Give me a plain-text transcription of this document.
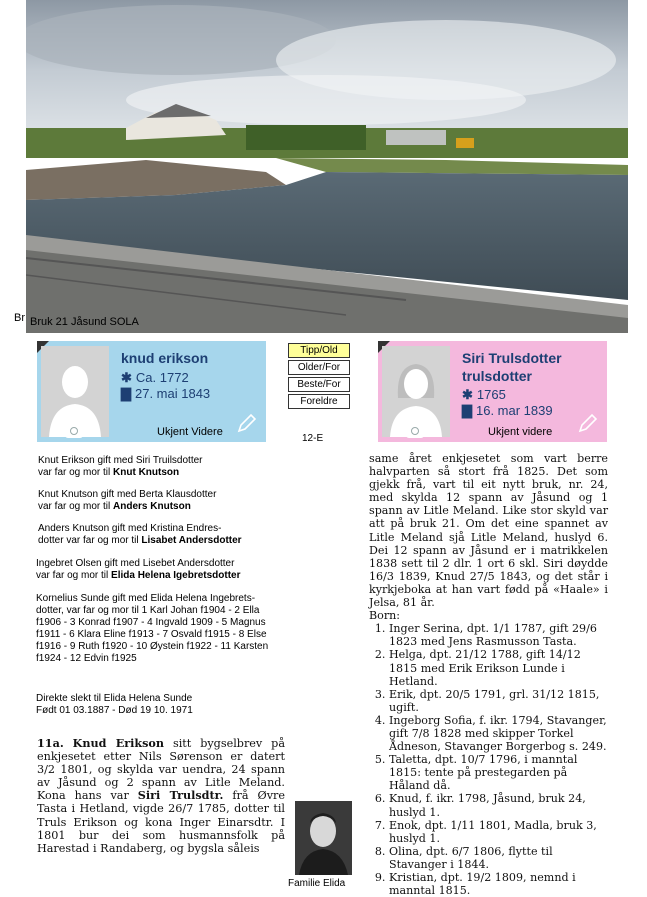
Br Bruk 21 Jåsund SOLA
knud erikson
✱ Ca. 1772
▇ 27. mai 1843
Ukjent Videre
Tipp/Old
Older/For
Beste/For
Foreldre
12-E
Siri Trulsdotter trulsdotter
✱ 1765
▇ 16. mar 1839
Ukjent videre
Knut Erikson gift med Siri Truilsdotter
var far og mor til Knut Knutson
Knut Knutson gift med Berta Klausdotter
var far og mor til Anders Knutson
Anders Knutson gift med Kristina Endres-
dotter var far og mor til Lisabet Andersdotter
Ingebret Olsen gift med Lisebet Andersdotter
var far og mor til Elida Helena Igebretsdotter
Kornelius Sunde gift med Elida Helena Ingebrets-
dotter, var far og mor til 1 Karl Johan f1904 - 2 Ella
f1906 - 3 Konrad f1907 - 4 Ingvald 1909 - 5 Magnus
f1911 - 6 Klara Eline f1913 - 7 Osvald f1915 - 8 Else
f1916 - 9 Ruth f1920 - 10 Øystein f1922 - 11 Karsten
f1924 - 12 Edvin f1925
Direkte slekt til Elida Helena Sunde
Født 01 03.1887 - Død 19 10. 1971

11a. Knud Erikson sitt bygselbrev på enkjesetet etter Nils Sørenson er datert 3/2 1801, og skylda var uendra, 24 spann av Jåsund og 2 spann av Litle Meland. Kona hans var Siri Trulsdtr. frå Øvre Tasta i Hetland, vigde 26/7 1785, dotter til Truls Erikson og kona Inger Einarsdtr. I 1801 bur dei som husmannsfolk på Harestad i Randaberg, og bygsla såleis

Familie Elida

same året enkjesetet som vart berre halvparten så stort frå 1825. Det som gjekk frå, vart til eit nytt bruk, nr. 24, med skylda 12 spann av Jåsund og 1 spann av Litle Meland. Like stor skyld var att på bruk 21. Om det eine spannet av Litle Meland sjå Litle Meland, huslyd 6. Dei 12 spann av Jåsund er i matrikkelen 1838 sett til 2 dlr. 1 ort 6 skl. Siri døydde 16/3 1839, Knud 27/5 1843, og det står i kyrkjeboka at han vart fødd på «Haale» i Jelsa, 81 år.

Born:
1. Inger Serina, dpt. 1/1 1787, gift 29/6 1823 med Jens Rasmusson Tasta.
2. Helga, dpt. 21/12 1788, gift 14/12 1815 med Erik Erikson Lunde i Hetland.
3. Erik, dpt. 20/5 1791, grl. 31/12 1815, ugift.
4. Ingeborg Sofia, f. ikr. 1794, Stavanger, gift 7/8 1828 med skipper Torkel Ådneson, Stavanger Borgerbog s. 249.
5. Taletta, dpt. 10/7 1796, i manntal 1815: tente på prestegarden på Håland då.
6. Knud, f. ikr. 1798, Jåsund, bruk 24, huslyd 1.
7. Enok, dpt. 1/11 1801, Madla, bruk 3, huslyd 1.
8. Olina, dpt. 6/7 1806, flytte til Stavanger i 1844.
9. Kristian, dpt. 19/2 1809, nemnd i manntal 1815.
